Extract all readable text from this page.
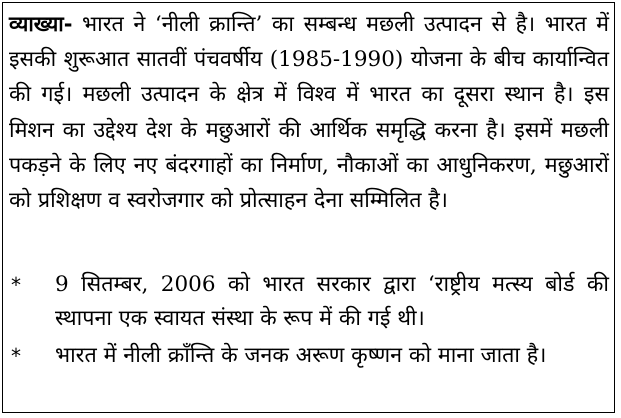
व्याख्या- भारत ने ‘नीली क्रान्ति’ का सम्बन्ध मछली उत्पादन से है। भारत में इसकी शुरूआत सातवीं पंचवर्षीय (1985-1990) योजना के बीच कार्यान्वित की गई। मछली उत्पादन के क्षेत्र में विश्व में भारत का दूसरा स्थान है। इस मिशन का उद्देश्य देश के मछुआरों की आर्थिक समृद्धि करना है। इसमें मछली पकड़ने के लिए नए बंदरगाहों का निर्माण, नौकाओं का आधुनिकरण, मछुआरों को प्रशिक्षण व स्वरोजगार को प्रोत्साहन देना सम्मिलित है।

*	9 सितम्बर, 2006 को भारत सरकार द्वारा ‘राष्ट्रीय मत्स्य बोर्ड की स्थापना एक स्वायत संस्था के रूप में की गई थी।
*	भारत में नीली क्राँन्ति के जनक अरूण कृष्णन को माना जाता है।
